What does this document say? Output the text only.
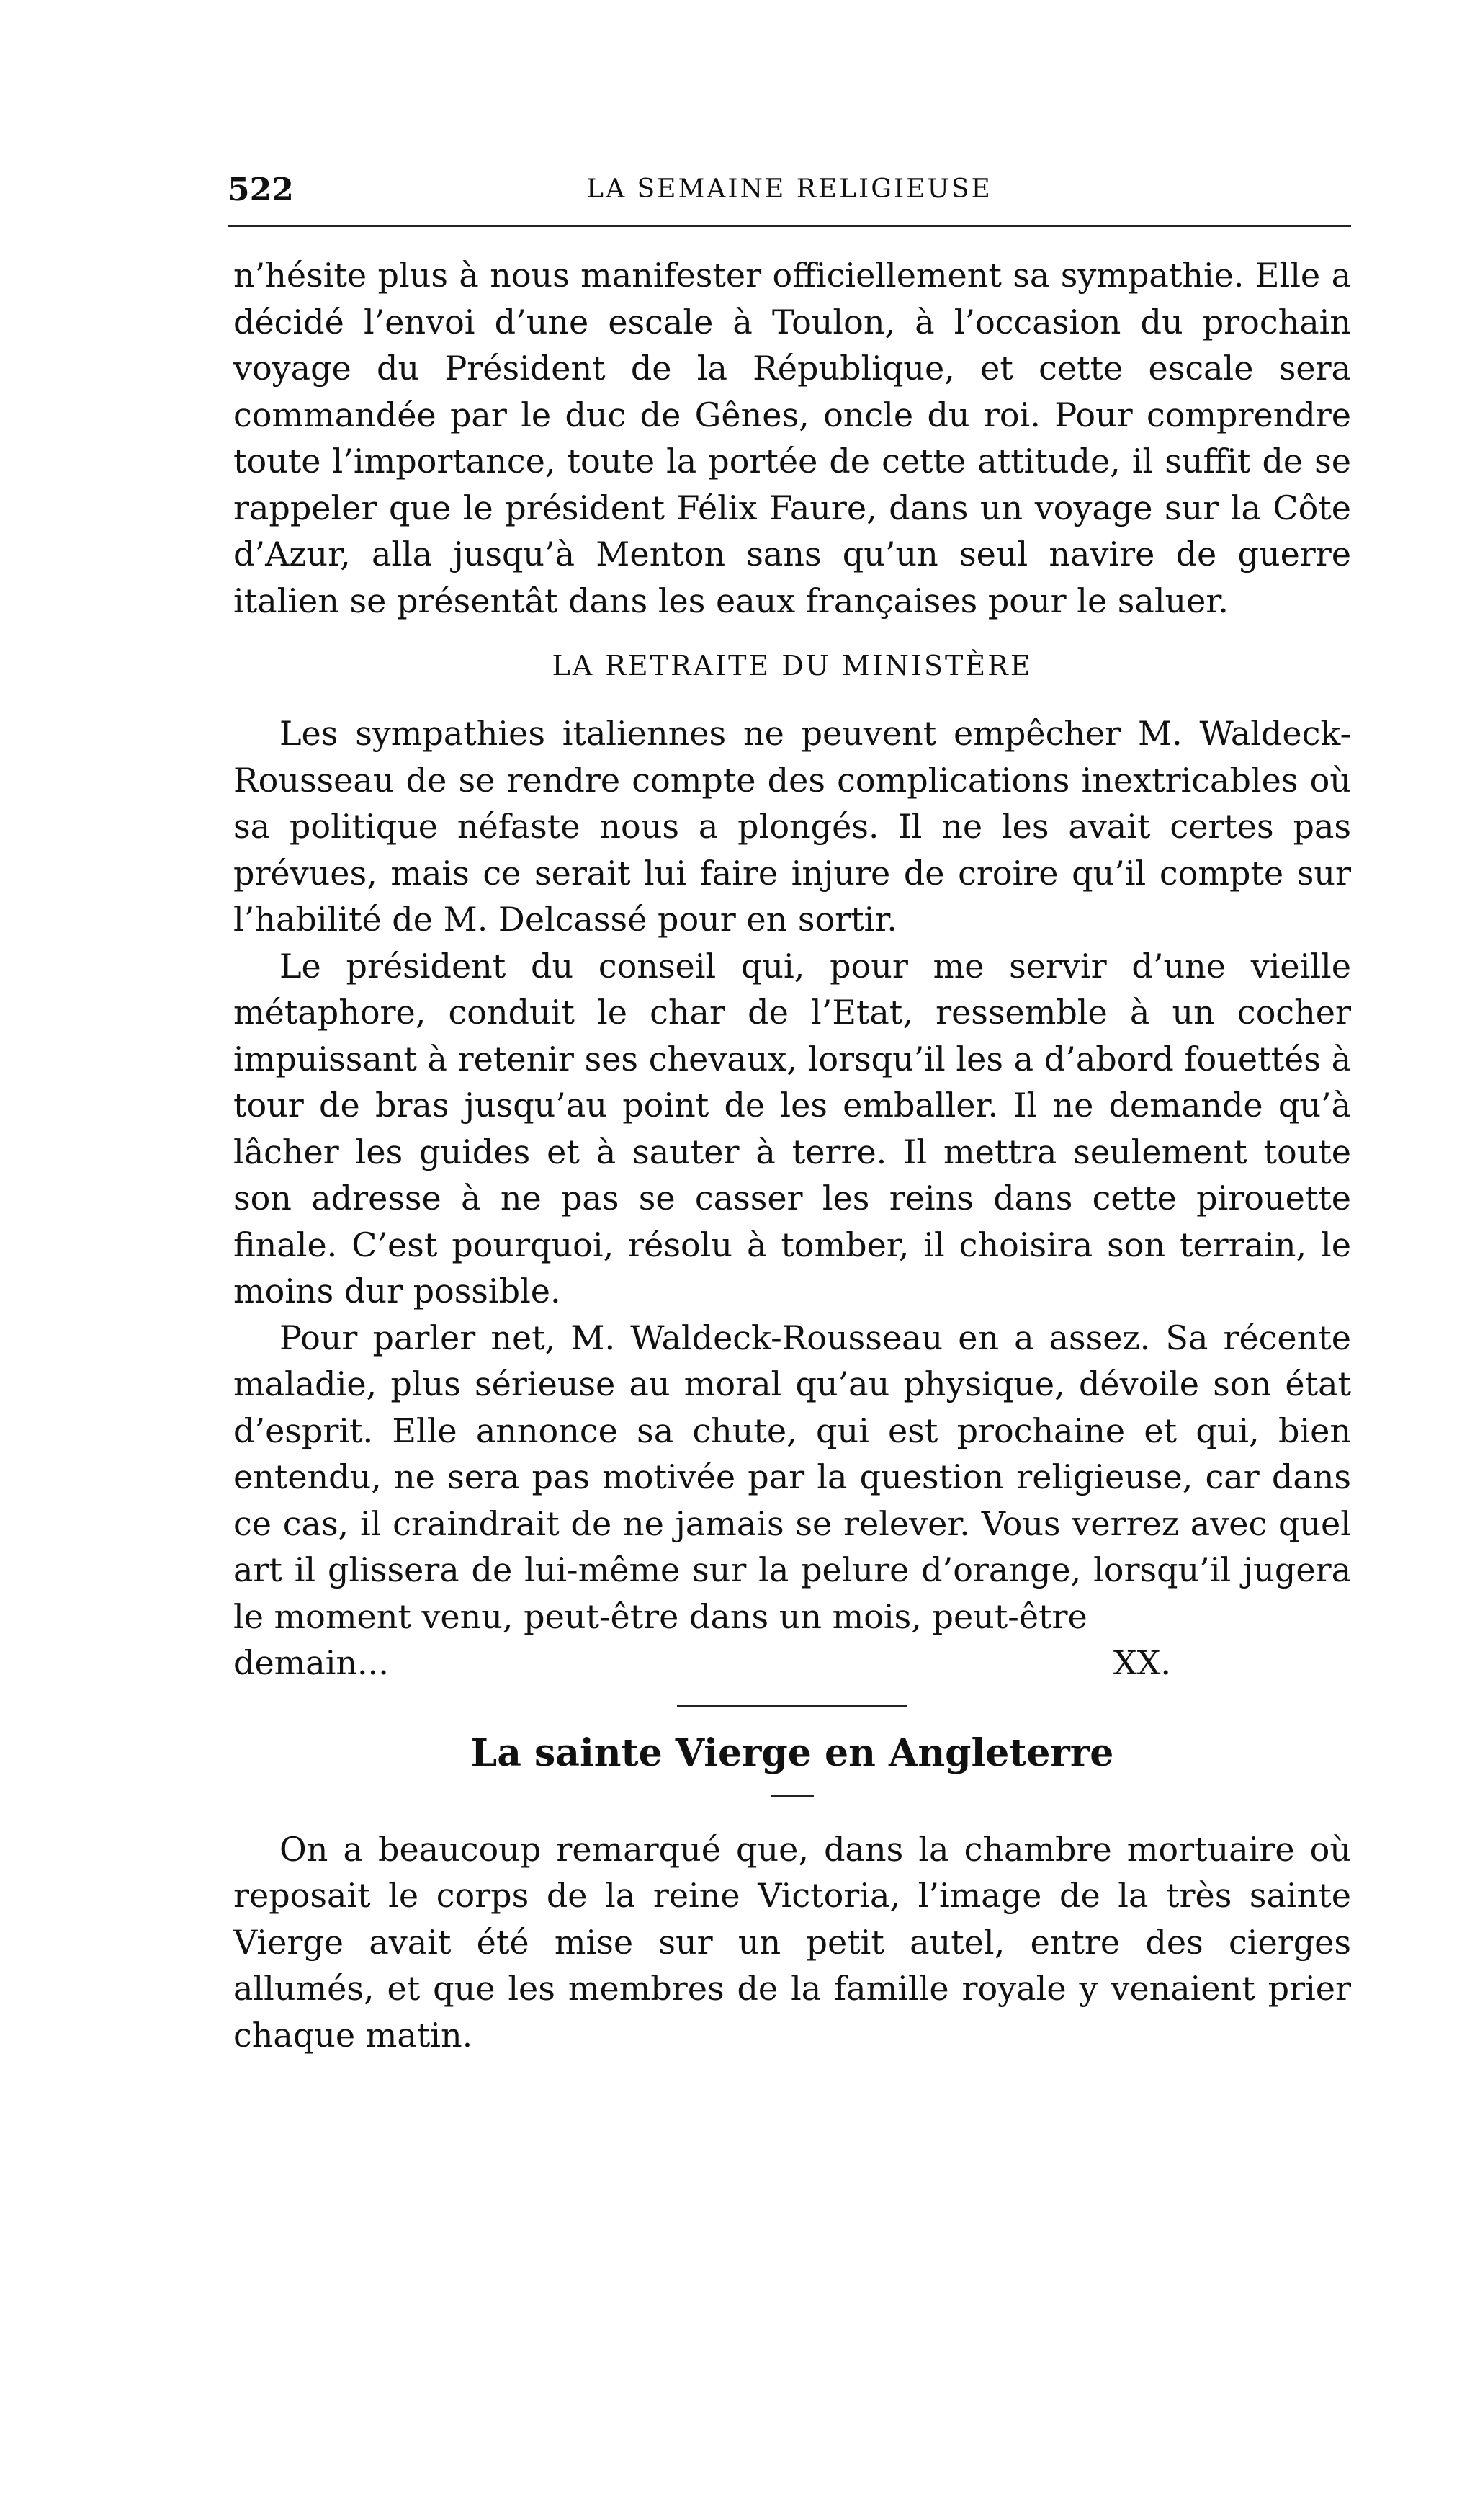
522	LA SEMAINE RELIGIEUSE

n’hésite plus à nous manifester officiellement sa sympathie. Elle a décidé l’envoi d’une escale à Toulon, à l’occasion du prochain voyage du Président de la République, et cette escale sera commandée par le duc de Gênes, oncle du roi. Pour comprendre toute l’importance, toute la portée de cette attitude, il suffit de se rappeler que le président Félix Faure, dans un voyage sur la Côte d’Azur, alla jusqu’à Menton sans qu’un seul navire de guerre italien se présentât dans les eaux françaises pour le saluer.

LA RETRAITE DU MINISTÈRE

Les sympathies italiennes ne peuvent empêcher M. Waldeck-Rousseau de se rendre compte des complications inextricables où sa politique néfaste nous a plongés. Il ne les avait certes pas prévues, mais ce serait lui faire injure de croire qu’il compte sur l’habilité de M. Delcassé pour en sortir.

Le président du conseil qui, pour me servir d’une vieille métaphore, conduit le char de l’Etat, ressemble à un cocher impuissant à retenir ses chevaux, lorsqu’il les a d’abord fouettés à tour de bras jusqu’au point de les emballer. Il ne demande qu’à lâcher les guides et à sauter à terre. Il mettra seulement toute son adresse à ne pas se casser les reins dans cette pirouette finale. C’est pourquoi, résolu à tomber, il choisira son terrain, le moins dur possible.

Pour parler net, M. Waldeck-Rousseau en a assez. Sa récente maladie, plus sérieuse au moral qu’au physique, dévoile son état d’esprit. Elle annonce sa chute, qui est prochaine et qui, bien entendu, ne sera pas motivée par la question religieuse, car dans ce cas, il craindrait de ne jamais se relever. Vous verrez avec quel art il glissera de lui-même sur la pelure d’orange, lorsqu’il jugera le moment venu, peut-être dans un mois, peut-être

demain...	XX.
La sainte Vierge en Angleterre

On a beaucoup remarqué que, dans la chambre mortuaire où reposait le corps de la reine Victoria, l’image de la très sainte Vierge avait été mise sur un petit autel, entre des cierges allumés, et que les membres de la famille royale y venaient prier chaque matin.
